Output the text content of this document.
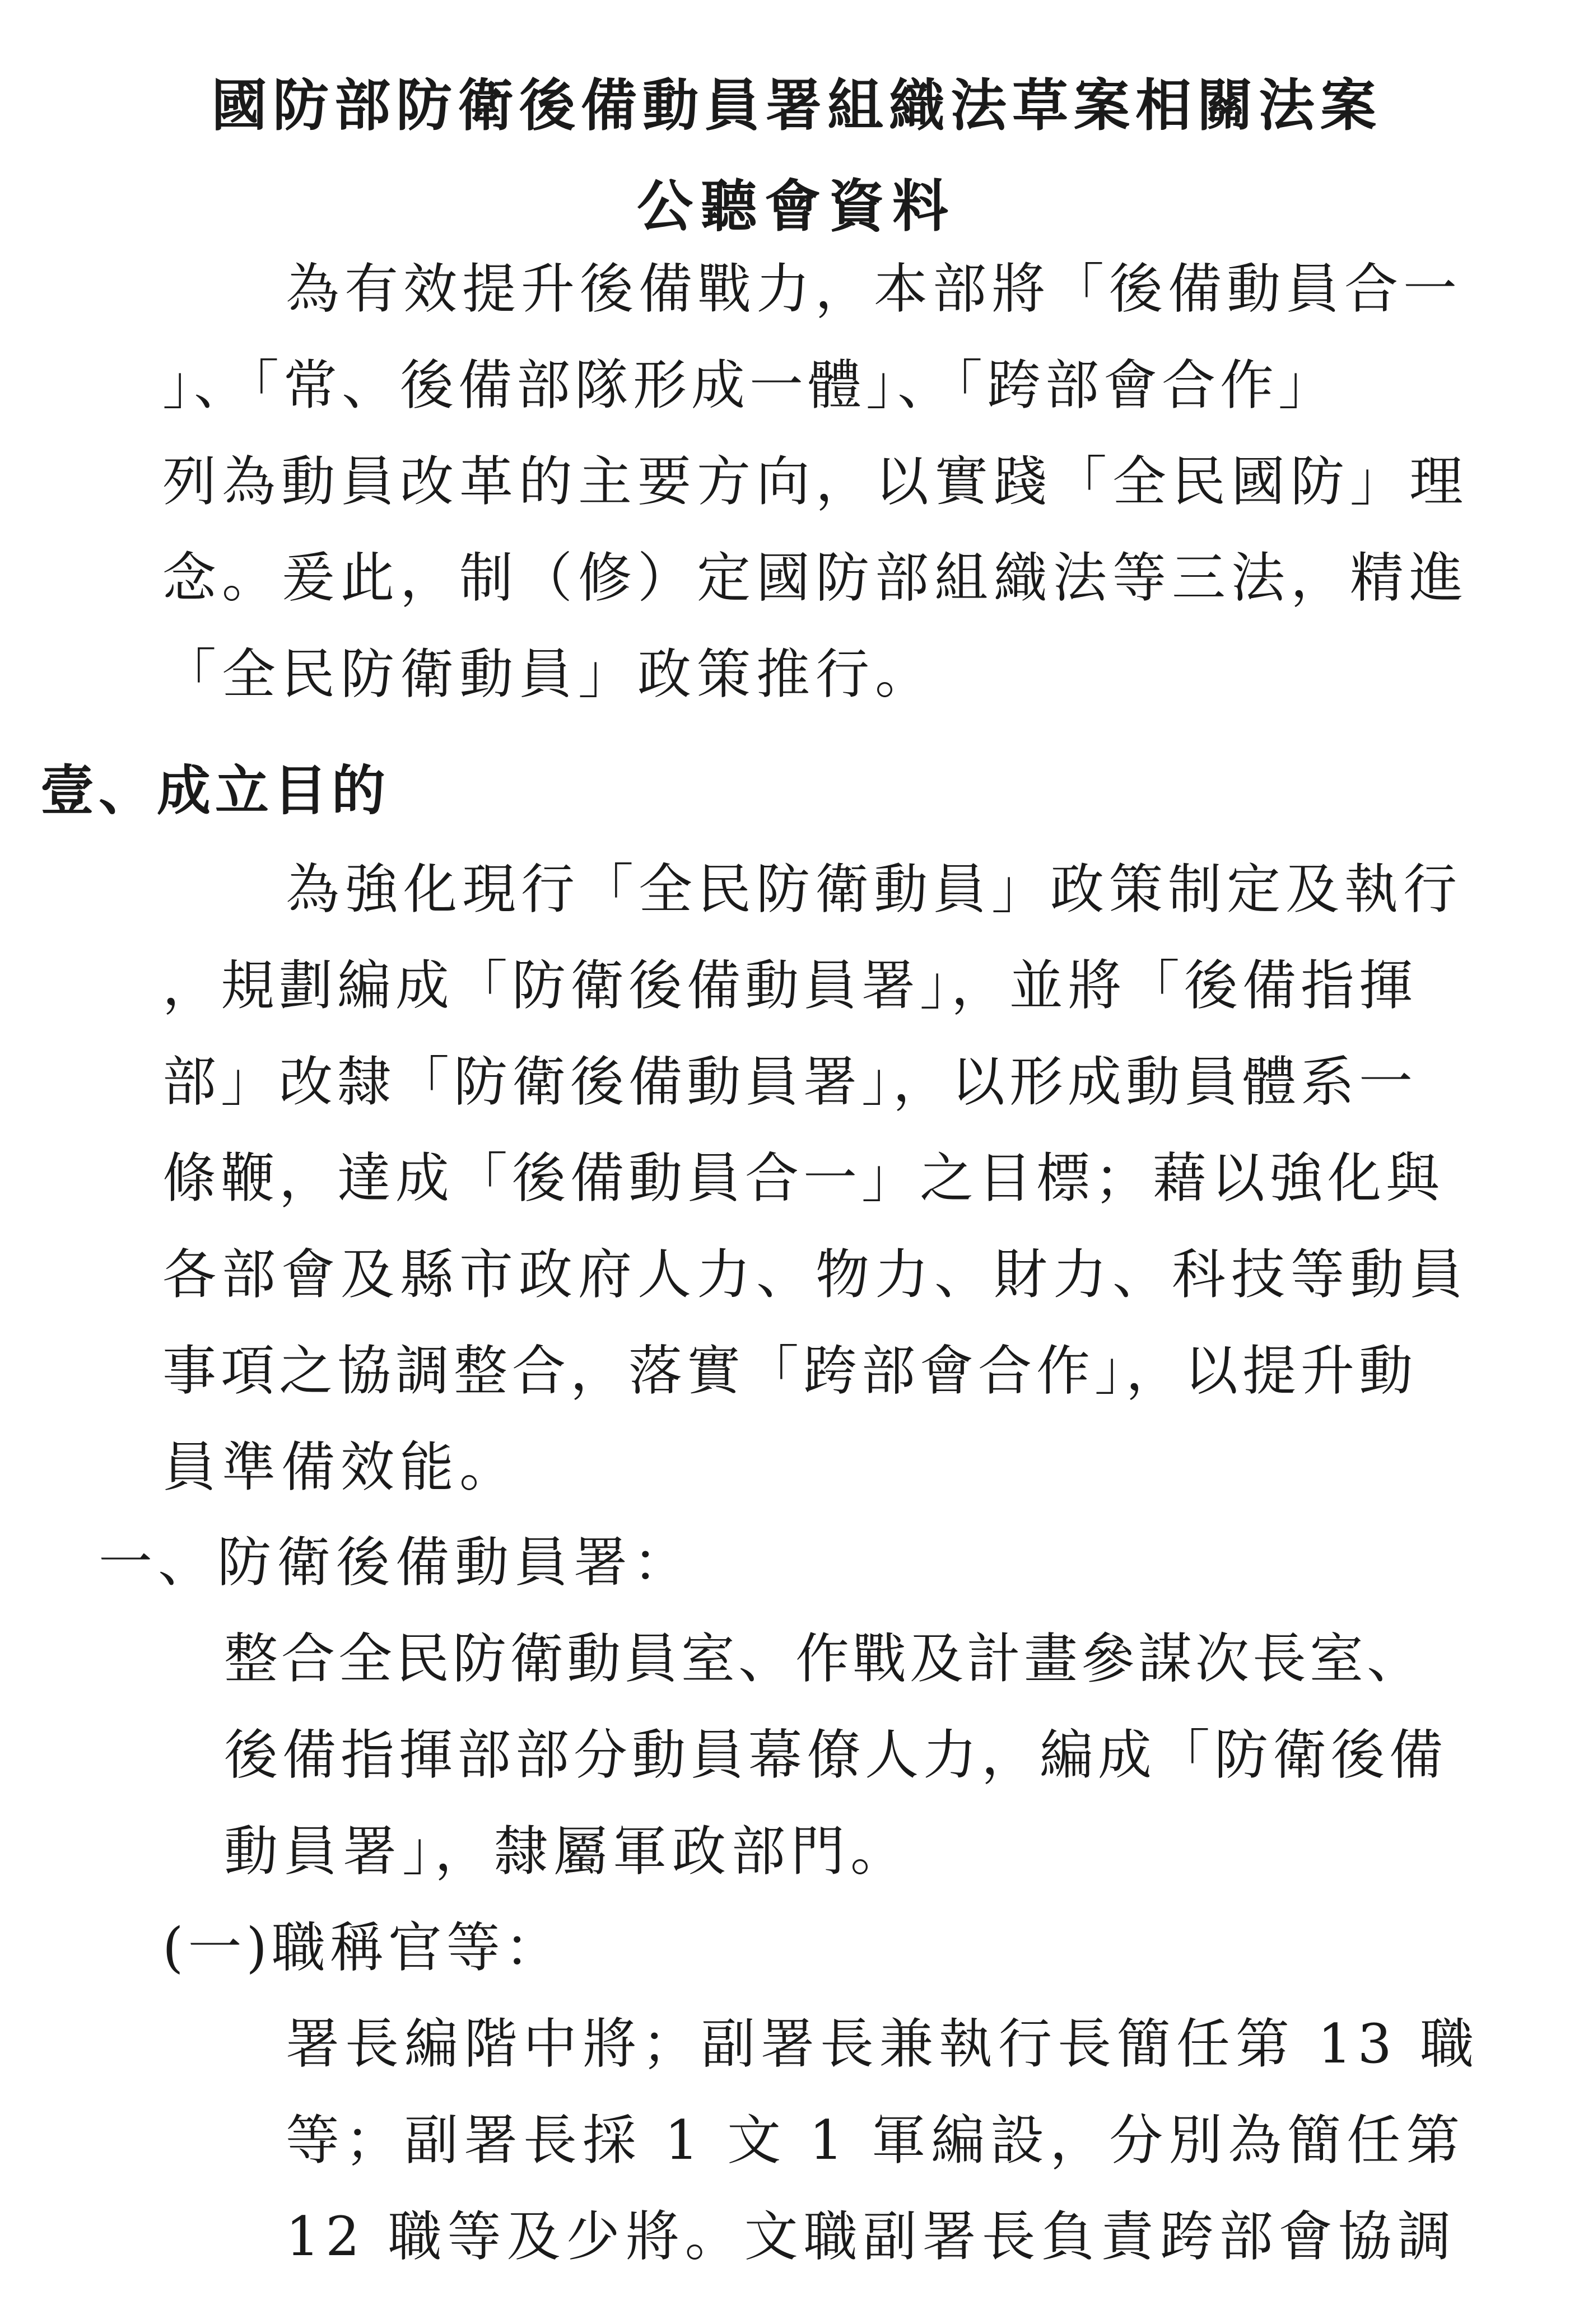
國防部防衛後備動員署組織法草案相關法案
公聽會資料
為有效提升後備戰力，本部將「後備動員合一
」、「常、後備部隊形成一體」、「跨部會合作」
列為動員改革的主要方向，以實踐「全民國防」理
念。爰此，制（修）定國防部組織法等三法，精進
「全民防衛動員」政策推行。
壹、成立目的
為強化現行「全民防衛動員」政策制定及執行
，規劃編成「防衛後備動員署」，並將「後備指揮
部」改隸「防衛後備動員署」，以形成動員體系一
條鞭，達成「後備動員合一」之目標；藉以強化與
各部會及縣市政府人力、物力、財力、科技等動員
事項之協調整合，落實「跨部會合作」，以提升動
員準備效能。
一、防衛後備動員署：
整合全民防衛動員室、作戰及計畫參謀次長室、
後備指揮部部分動員幕僚人力，編成「防衛後備
動員署」，隸屬軍政部門。
(一)職稱官等：
署長編階中將；副署長兼執行長簡任第 13 職
等；副署長採 1 文 1 軍編設，分別為簡任第
12 職等及少將。文職副署長負責跨部會協調
